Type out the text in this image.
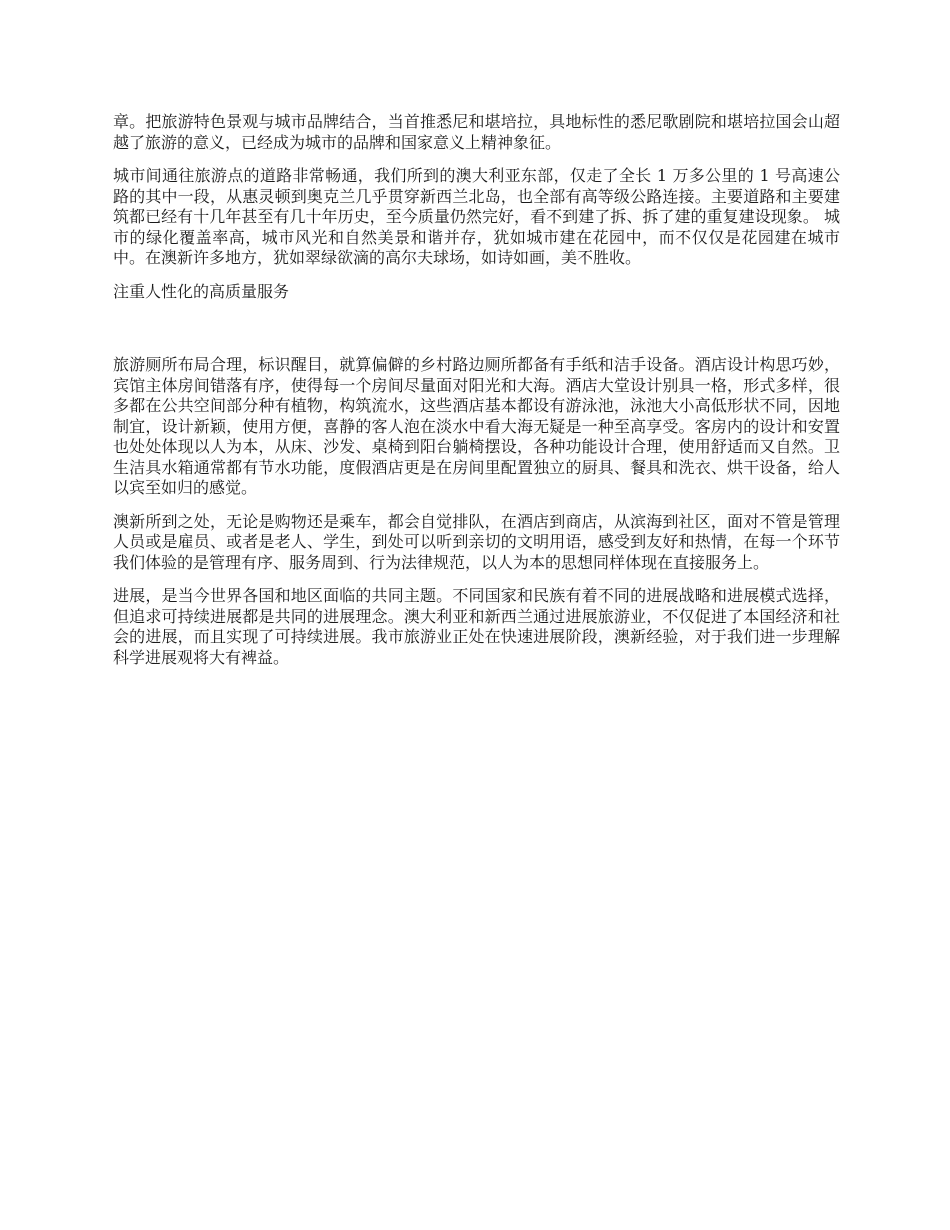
章。把旅游特色景观与城市品牌结合，当首推悉尼和堪培拉，具地标性的悉尼歌剧院和堪培拉国会山超越了旅游的意义，已经成为城市的品牌和国家意义上精神象征。

城市间通往旅游点的道路非常畅通，我们所到的澳大利亚东部，仅走了全长 1 万多公里的 1 号高速公路的其中一段，从惠灵顿到奥克兰几乎贯穿新西兰北岛，也全部有高等级公路连接。主要道路和主要建筑都已经有十几年甚至有几十年历史，至今质量仍然完好，看不到建了拆、拆了建的重复建设现象。 城市的绿化覆盖率高，城市风光和自然美景和谐并存，犹如城市建在花园中，而不仅仅是花园建在城市中。在澳新许多地方，犹如翠绿欲滴的高尔夫球场，如诗如画，美不胜收。

注重人性化的高质量服务

旅游厕所布局合理，标识醒目，就算偏僻的乡村路边厕所都备有手纸和洁手设备。酒店设计构思巧妙，宾馆主体房间错落有序，使得每一个房间尽量面对阳光和大海。酒店大堂设计别具一格，形式多样，很多都在公共空间部分种有植物，构筑流水，这些酒店基本都设有游泳池，泳池大小高低形状不同，因地制宜，设计新颖，使用方便，喜静的客人泡在淡水中看大海无疑是一种至高享受。客房内的设计和安置也处处体现以人为本，从床、沙发、桌椅到阳台躺椅摆设，各种功能设计合理，使用舒适而又自然。卫生洁具水箱通常都有节水功能，度假酒店更是在房间里配置独立的厨具、餐具和洗衣、烘干设备，给人以宾至如归的感觉。

澳新所到之处，无论是购物还是乘车，都会自觉排队，在酒店到商店，从滨海到社区，面对不管是管理人员或是雇员、或者是老人、学生，到处可以听到亲切的文明用语，感受到友好和热情，在每一个环节我们体验的是管理有序、服务周到、行为法律规范，以人为本的思想同样体现在直接服务上。

进展，是当今世界各国和地区面临的共同主题。不同国家和民族有着不同的进展战略和进展模式选择，但追求可持续进展都是共同的进展理念。澳大利亚和新西兰通过进展旅游业，不仅促进了本国经济和社会的进展，而且实现了可持续进展。我市旅游业正处在快速进展阶段，澳新经验，对于我们进一步理解科学进展观将大有裨益。
